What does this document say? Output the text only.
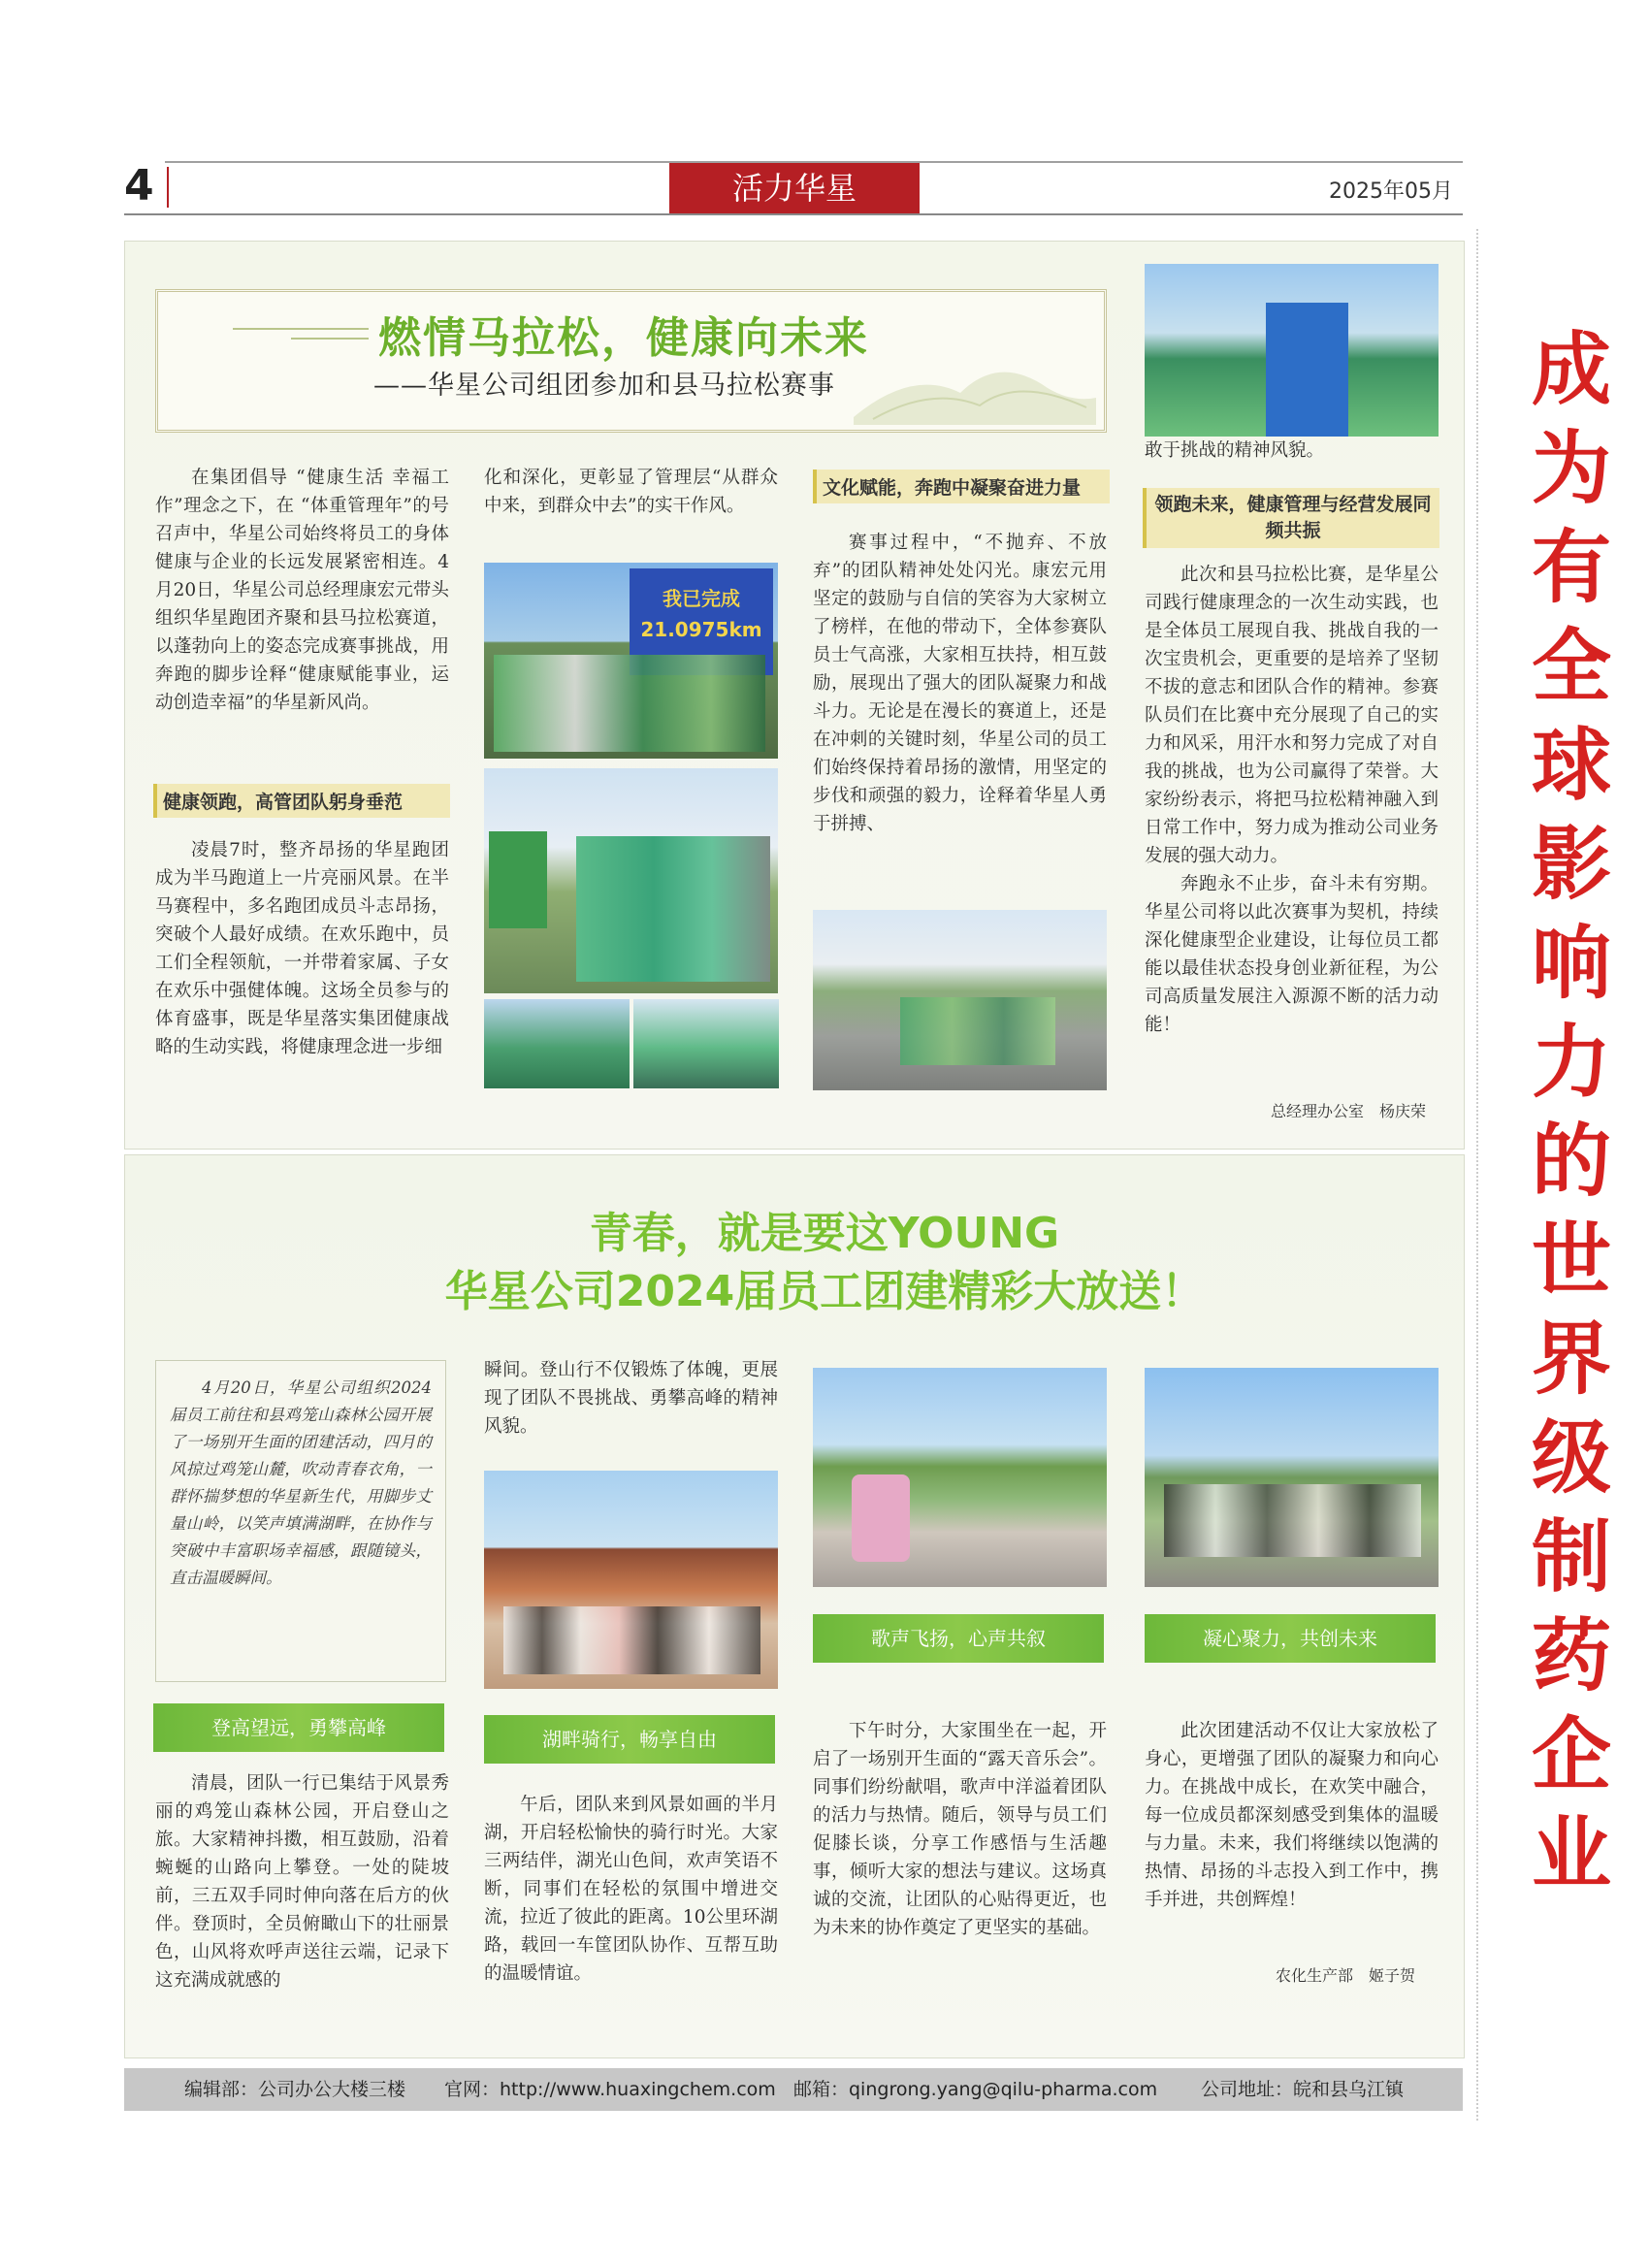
4	活力华星	2025年05月
燃情马拉松，健康向未来
——华星公司组团参加和县马拉松赛事

在集团倡导 “健康生活 幸福工作”理念之下，在 “体重管理年”的号召声中，华星公司始终将员工的身体健康与企业的长远发展紧密相连。4月20日，华星公司总经理康宏元带头组织华星跑团齐聚和县马拉松赛道，以蓬勃向上的姿态完成赛事挑战，用奔跑的脚步诠释“健康赋能事业，运动创造幸福”的华星新风尚。

健康领跑，高管团队躬身垂范

凌晨7时，整齐昂扬的华星跑团成为半马跑道上一片亮丽风景。在半马赛程中，多名跑团成员斗志昂扬，突破个人最好成绩。在欢乐跑中，员工们全程领航，一并带着家属、子女在欢乐中强健体魄。这场全员参与的体育盛事，既是华星落实集团健康战略的生动实践，将健康理念进一步细

化和深化，更彰显了管理层“从群众中来，到群众中去”的实干作风。

我已完成 21.0975km
文化赋能，奔跑中凝聚奋进力量

赛事过程中，“不抛弃、不放弃”的团队精神处处闪光。康宏元用坚定的鼓励与自信的笑容为大家树立了榜样，在他的带动下，全体参赛队员士气高涨，大家相互扶持，相互鼓励，展现出了强大的团队凝聚力和战斗力。无论是在漫长的赛道上，还是在冲刺的关键时刻，华星公司的员工们始终保持着昂扬的激情，用坚定的步伐和顽强的毅力，诠释着华星人勇于拼搏、

敢于挑战的精神风貌。

领跑未来，健康管理与经营发展同频共振

此次和县马拉松比赛，是华星公司践行健康理念的一次生动实践，也是全体员工展现自我、挑战自我的一次宝贵机会，更重要的是培养了坚韧不拔的意志和团队合作的精神。参赛队员们在比赛中充分展现了自己的实力和风采，用汗水和努力完成了对自我的挑战，也为公司赢得了荣誉。大家纷纷表示，将把马拉松精神融入到日常工作中，努力成为推动公司业务发展的强大动力。

奔跑永不止步，奋斗未有穷期。华星公司将以此次赛事为契机，持续深化健康型企业建设，让每位员工都能以最佳状态投身创业新征程，为公司高质量发展注入源源不断的活力动能！

总经理办公室　杨庆荣
青春，就是要这YOUNG
华星公司2024届员工团建精彩大放送！
4月20日，华星公司组织2024届员工前往和县鸡笼山森林公园开展了一场别开生面的团建活动，四月的风掠过鸡笼山麓，吹动青春衣角，一群怀揣梦想的华星新生代，用脚步丈量山岭，以笑声填满湖畔，在协作与突破中丰富职场幸福感，跟随镜头，直击温暖瞬间。
登高望远，勇攀高峰

清晨，团队一行已集结于风景秀丽的鸡笼山森林公园，开启登山之旅。大家精神抖擞，相互鼓励，沿着蜿蜒的山路向上攀登。一处的陡坡前，三五双手同时伸向落在后方的伙伴。登顶时，全员俯瞰山下的壮丽景色，山风将欢呼声送往云端，记录下这充满成就感的

瞬间。登山行不仅锻炼了体魄，更展现了团队不畏挑战、勇攀高峰的精神风貌。

湖畔骑行，畅享自由

午后，团队来到风景如画的半月湖，开启轻松愉快的骑行时光。大家三两结伴，湖光山色间，欢声笑语不断，同事们在轻松的氛围中增进交流，拉近了彼此的距离。10公里环湖路，载回一车筐团队协作、互帮互助的温暖情谊。

歌声飞扬，心声共叙

下午时分，大家围坐在一起，开启了一场别开生面的“露天音乐会”。同事们纷纷献唱，歌声中洋溢着团队的活力与热情。随后，领导与员工们促膝长谈，分享工作感悟与生活趣事，倾听大家的想法与建议。这场真诚的交流，让团队的心贴得更近，也为未来的协作奠定了更坚实的基础。

凝心聚力，共创未来

此次团建活动不仅让大家放松了身心，更增强了团队的凝聚力和向心力。在挑战中成长，在欢笑中融合，每一位成员都深刻感受到集体的温暖与力量。未来，我们将继续以饱满的热情、昂扬的斗志投入到工作中，携手并进，共创辉煌！

农化生产部　姬子贺
编辑部：公司办公大楼三楼 官网：http://www.huaxingchem.com 邮箱：qingrong.yang@qilu-pharma.com 公司地址：皖和县乌江镇
成
为
有
全
球
影
响
力
的
世
界
级
制
药
企
业
